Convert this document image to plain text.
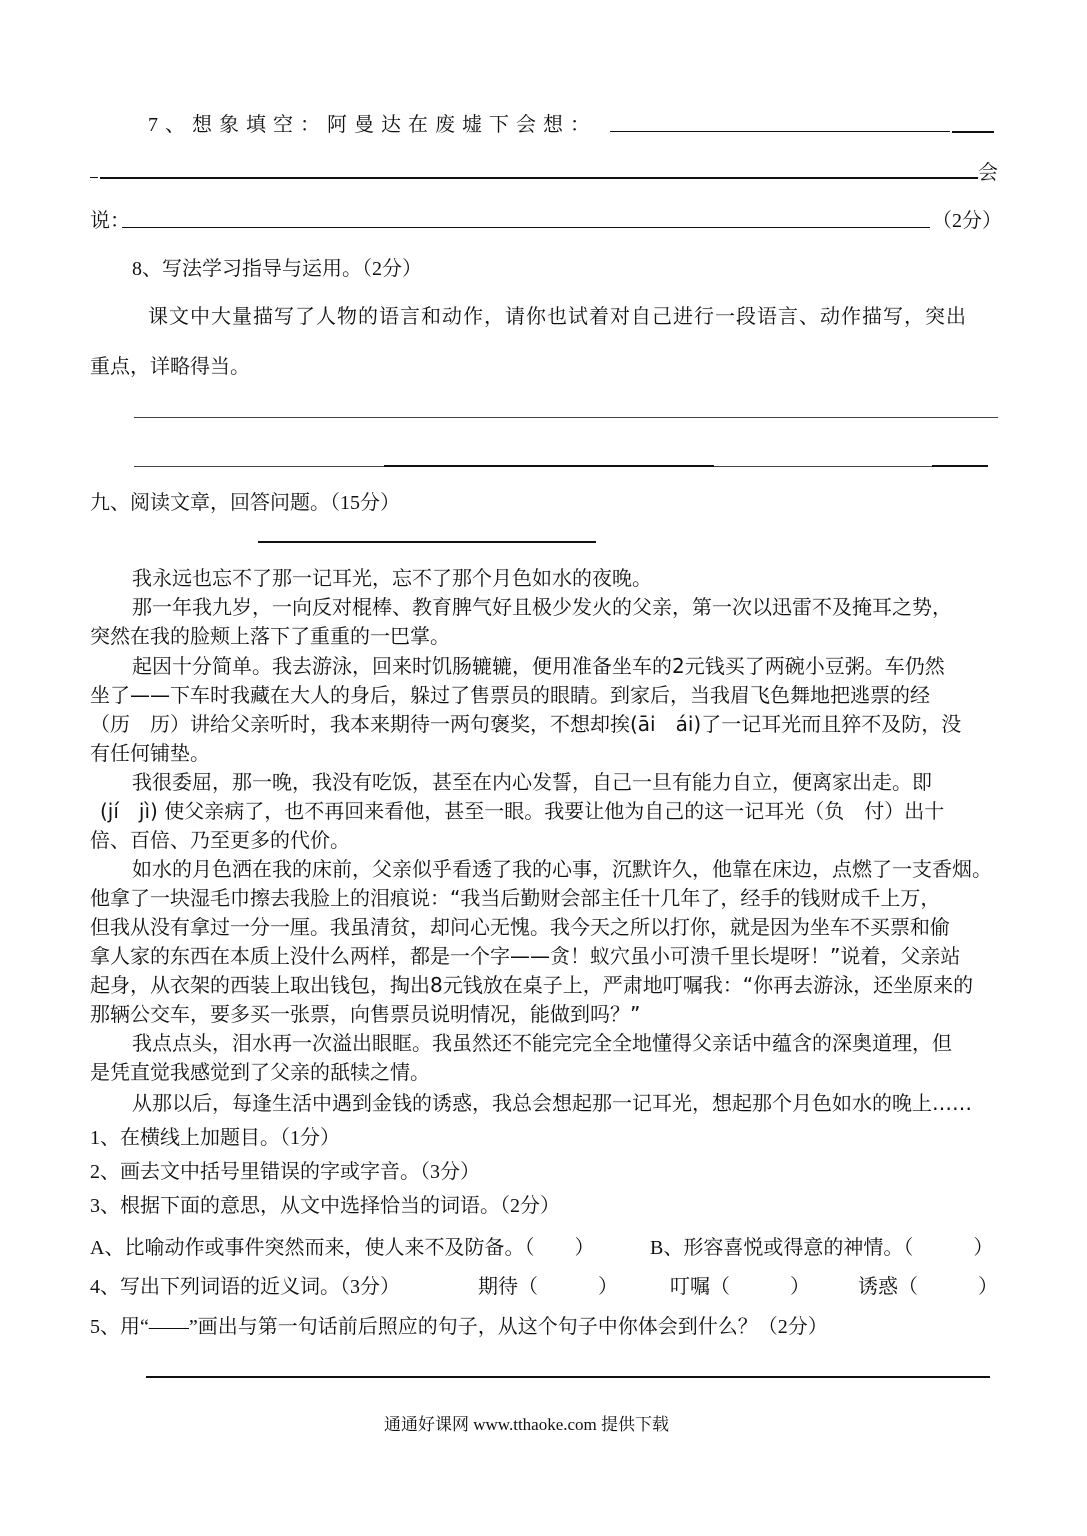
7、想象填空：阿曼达在废墟下会想：
会
说：	（2分）
8、写法学习指导与运用。（2分）
课文中大量描写了人物的语言和动作，请你也试着对自己进行一段语言、动作描写，突出
重点，详略得当。
九、阅读文章，回答问题。（15分）
我永远也忘不了那一记耳光，忘不了那个月色如水的夜晚。
那一年我九岁，一向反对棍棒、教育脾气好且极少发火的父亲，第一次以迅雷不及掩耳之势，
突然在我的脸颊上落下了重重的一巴掌。
起因十分简单。我去游泳，回来时饥肠辘辘，便用准备坐车的2元钱买了两碗小豆粥。车仍然
坐了——下车时我藏在大人的身后，躲过了售票员的眼睛。到家后，当我眉飞色舞地把逃票的经
（历　历）讲给父亲听时，我本来期待一两句褒奖，不想却挨(āi　ái)了一记耳光而且猝不及防，没
有任何铺垫。
我很委屈，那一晚，我没有吃饭，甚至在内心发誓，自己一旦有能力自立，便离家出走。即
(jí　jì) 使父亲病了，也不再回来看他，甚至一眼。我要让他为自己的这一记耳光（负　付）出十
倍、百倍、乃至更多的代价。
如水的月色洒在我的床前，父亲似乎看透了我的心事，沉默许久，他靠在床边，点燃了一支香烟。
他拿了一块湿毛巾擦去我脸上的泪痕说：“我当后勤财会部主任十几年了，经手的钱财成千上万，
但我从没有拿过一分一厘。我虽清贫，却问心无愧。我今天之所以打你，就是因为坐车不买票和偷
拿人家的东西在本质上没什么两样，都是一个字——贪！蚁穴虽小可溃千里长堤呀！”说着，父亲站
起身，从衣架的西装上取出钱包，掏出8元钱放在桌子上，严肃地叮嘱我：“你再去游泳，还坐原来的
那辆公交车，要多买一张票，向售票员说明情况，能做到吗？”
我点点头，泪水再一次溢出眼眶。我虽然还不能完完全全地懂得父亲话中蕴含的深奥道理，但
是凭直觉我感觉到了父亲的舐犊之情。
从那以后，每逢生活中遇到金钱的诱惑，我总会想起那一记耳光，想起那个月色如水的晚上……
1、在横线上加题目。（1分）
2、画去文中括号里错误的字或字音。（3分）
3、根据下面的意思，从文中选择恰当的词语。（2分）
A、比喻动作或事件突然而来，使人来不及防备。（　　）	B、形容喜悦或得意的神情。（　　　）
4、写出下列词语的近义词。（3分）	期待（　　　）	叮嘱（　　　） 诱惑（　　　）
5、用“——”画出与第一句话前后照应的句子，从这个句子中你体会到什么？（2分）
通通好课网 www.tthaoke.com 提供下载
